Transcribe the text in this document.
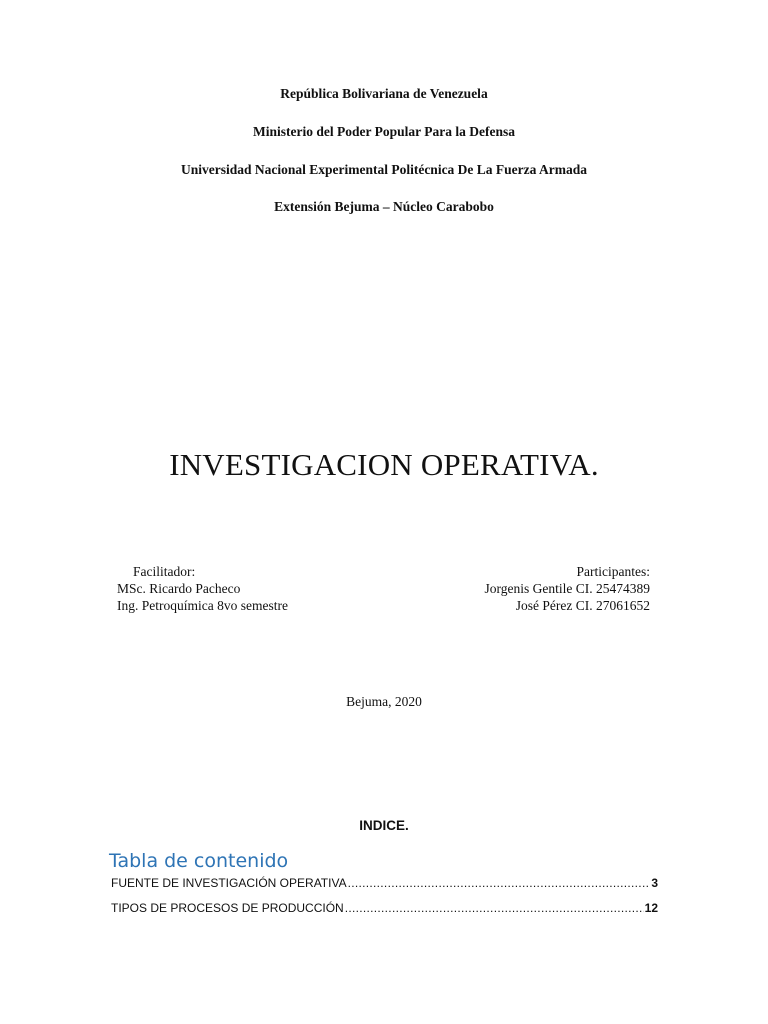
República Bolivariana de Venezuela
Ministerio del Poder Popular Para la Defensa
Universidad Nacional Experimental Politécnica De La Fuerza Armada
Extensión Bejuma – Núcleo Carabobo
INVESTIGACION OPERATIVA.
Facilitador:
MSc. Ricardo Pacheco
Ing. Petroquímica 8vo semestre
Participantes:
Jorgenis Gentile CI. 25474389
José Pérez CI. 27061652
Bejuma, 2020
INDICE.
Tabla de contenido
FUENTE DE INVESTIGACIÓN OPERATIVA .....	3
TIPOS DE PROCESOS DE PRODUCCIÓN .....	12
